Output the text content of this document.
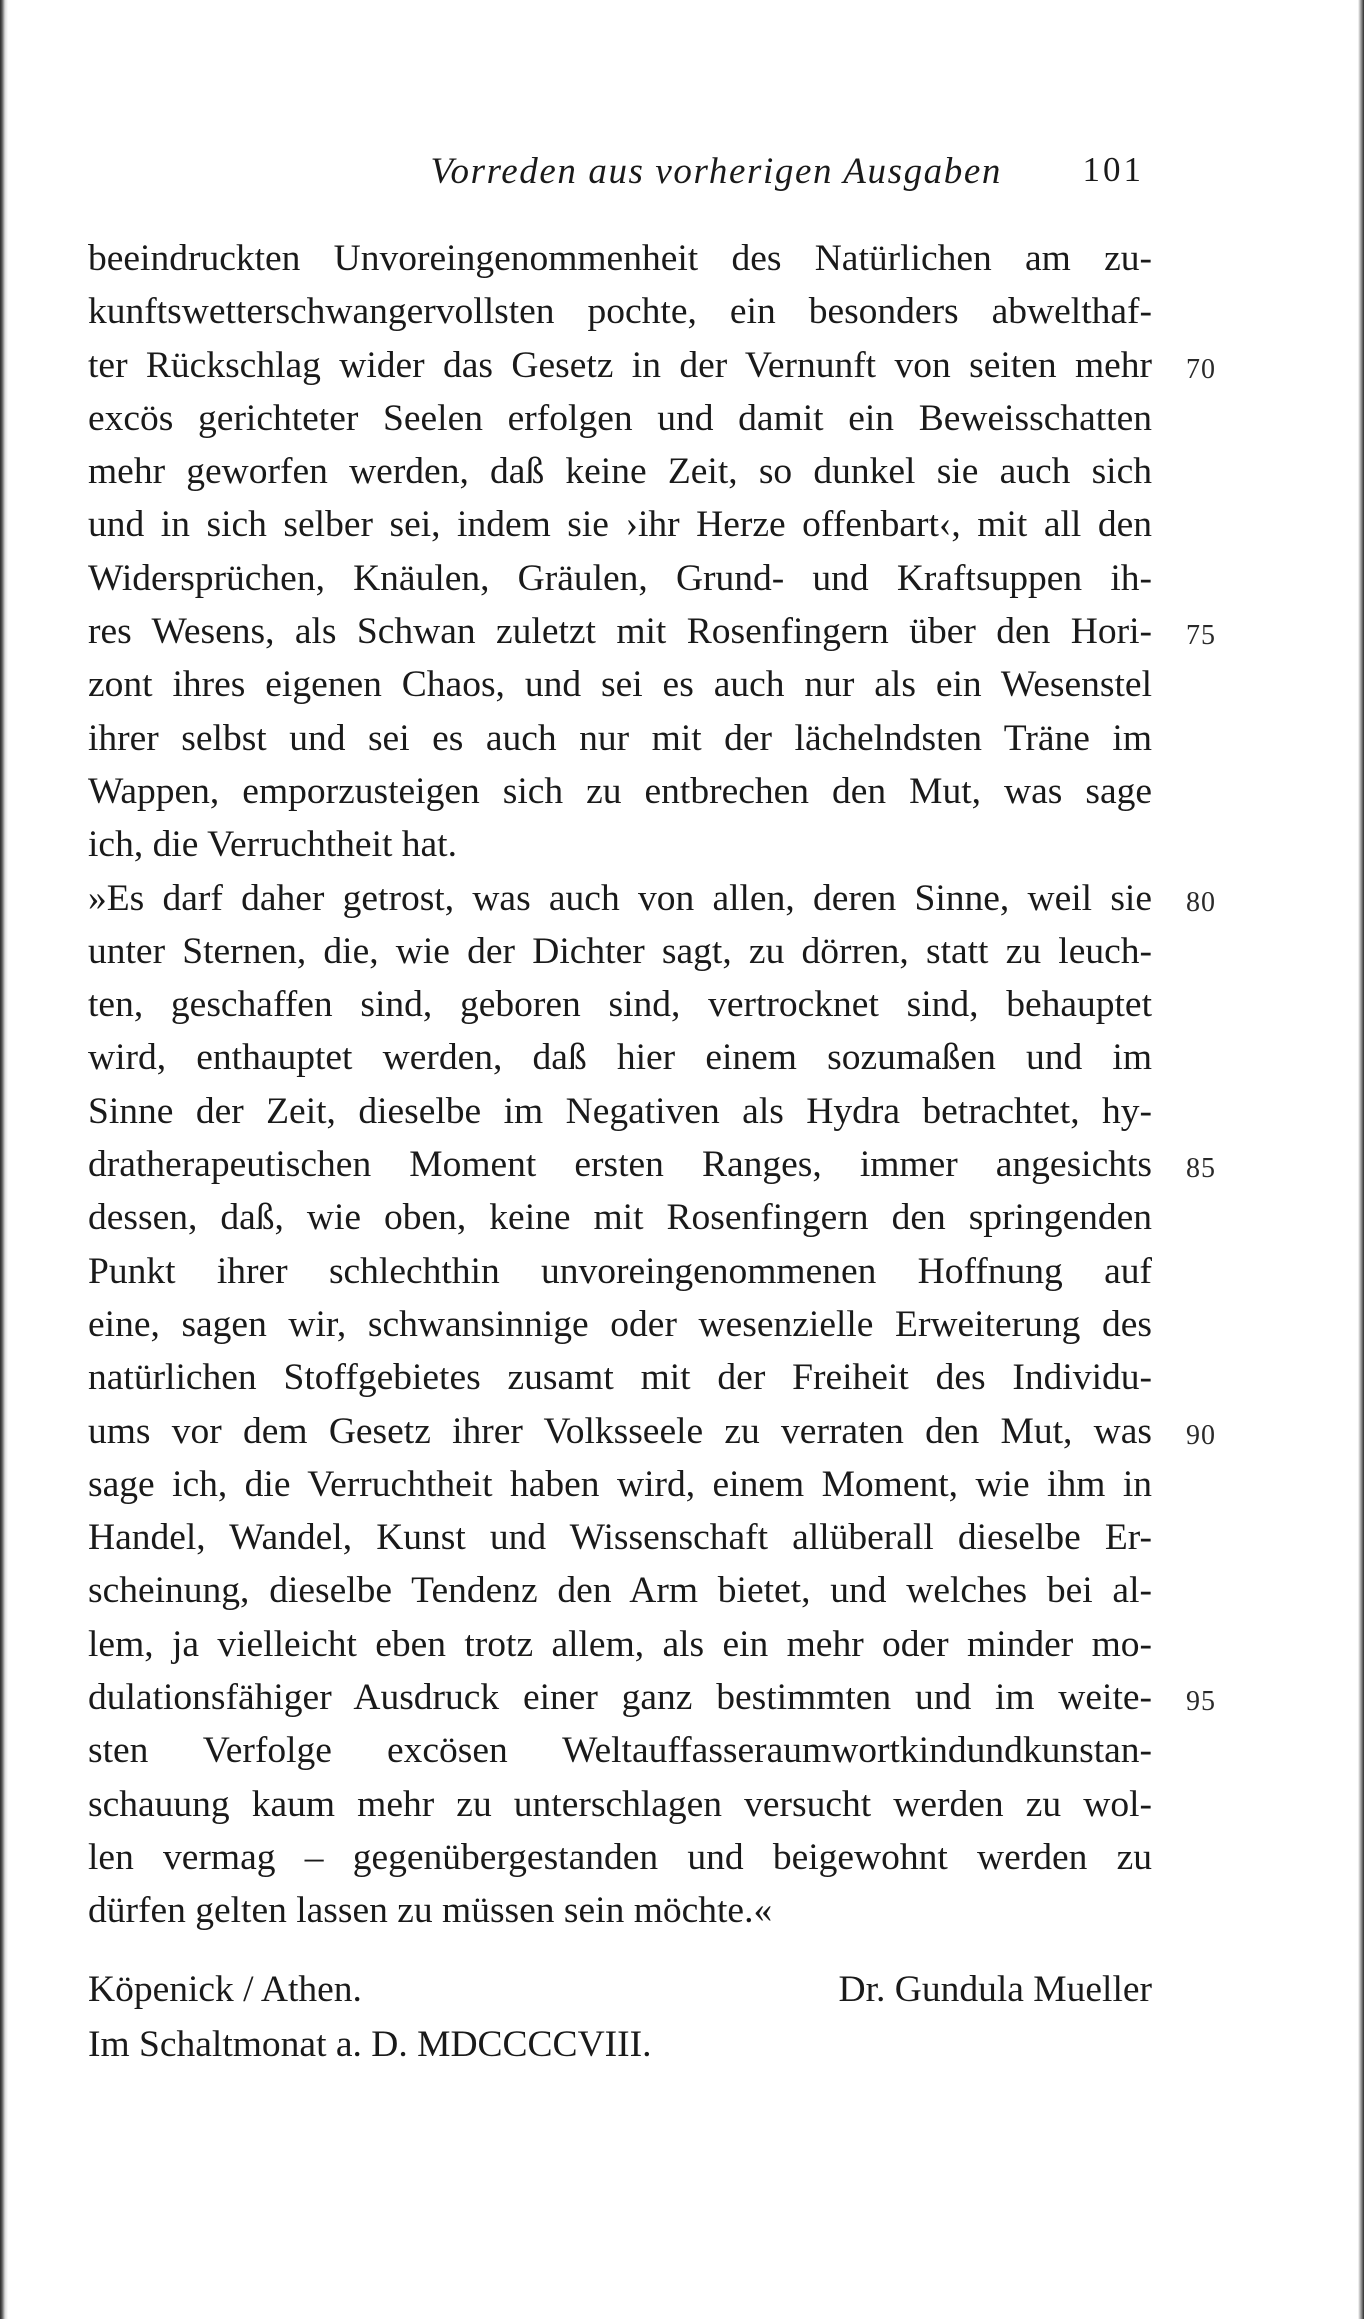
Vorreden aus vorherigen Ausgaben 101
beeindruckten Unvoreingenommenheit des Natürlichen am zu-
kunftswetterschwangervollsten pochte, ein besonders abwelthaf-
ter Rückschlag wider das Gesetz in der Vernunft von seiten mehr 70
excös gerichteter Seelen erfolgen und damit ein Beweisschatten
mehr geworfen werden, daß keine Zeit, so dunkel sie auch sich
und in sich selber sei, indem sie ›ihr Herze offenbart‹, mit all den
Widersprüchen, Knäulen, Gräulen, Grund- und Kraftsuppen ih-
res Wesens, als Schwan zuletzt mit Rosenfingern über den Hori- 75
zont ihres eigenen Chaos, und sei es auch nur als ein Wesenstel
ihrer selbst und sei es auch nur mit der lächelndsten Träne im
Wappen, emporzusteigen sich zu entbrechen den Mut, was sage
ich, die Verruchtheit hat.
»Es darf daher getrost, was auch von allen, deren Sinne, weil sie 80
unter Sternen, die, wie der Dichter sagt, zu dörren, statt zu leuch-
ten, geschaffen sind, geboren sind, vertrocknet sind, behauptet
wird, enthauptet werden, daß hier einem sozumaßen und im
Sinne der Zeit, dieselbe im Negativen als Hydra betrachtet, hy-
dratherapeutischen Moment ersten Ranges, immer angesichts 85
dessen, daß, wie oben, keine mit Rosenfingern den springenden
Punkt ihrer schlechthin unvoreingenommenen Hoffnung auf
eine, sagen wir, schwansinnige oder wesenzielle Erweiterung des
natürlichen Stoffgebietes zusamt mit der Freiheit des Individu-
ums vor dem Gesetz ihrer Volksseele zu verraten den Mut, was 90
sage ich, die Verruchtheit haben wird, einem Moment, wie ihm in
Handel, Wandel, Kunst und Wissenschaft allüberall dieselbe Er-
scheinung, dieselbe Tendenz den Arm bietet, und welches bei al-
lem, ja vielleicht eben trotz allem, als ein mehr oder minder mo-
dulationsfähiger Ausdruck einer ganz bestimmten und im weite- 95
sten Verfolge excösen Weltauffasseraumwortkindundkunstan-
schauung kaum mehr zu unterschlagen versucht werden zu wol-
len vermag – gegenübergestanden und beigewohnt werden zu
dürfen gelten lassen zu müssen sein möchte.«
Köpenick / Athen.	Dr. Gundula Mueller
Im Schaltmonat a. D. MDCCCCVIII.
